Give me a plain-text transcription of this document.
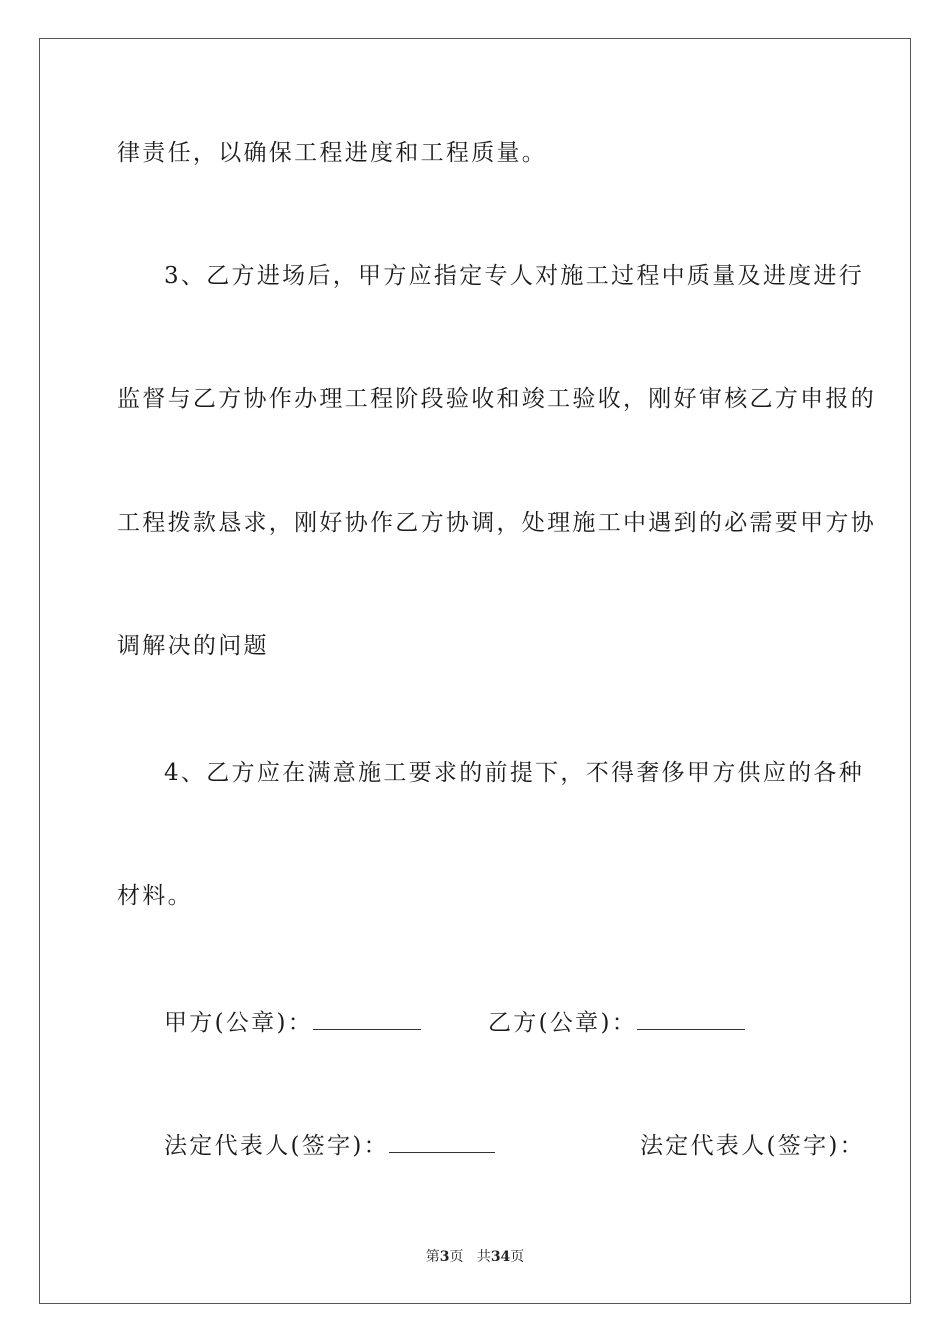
律责任，以确保工程进度和工程质量。
3、乙方进场后，甲方应指定专人对施工过程中质量及进度进行
监督与乙方协作办理工程阶段验收和竣工验收，刚好审核乙方申报的
工程拨款恳求，刚好协作乙方协调，处理施工中遇到的必需要甲方协
调解决的问题
4、乙方应在满意施工要求的前提下，不得奢侈甲方供应的各种
材料。
甲方(公章)：	乙方(公章)：
法定代表人(签字)：	法定代表人(签字)：
第3页 共34页
